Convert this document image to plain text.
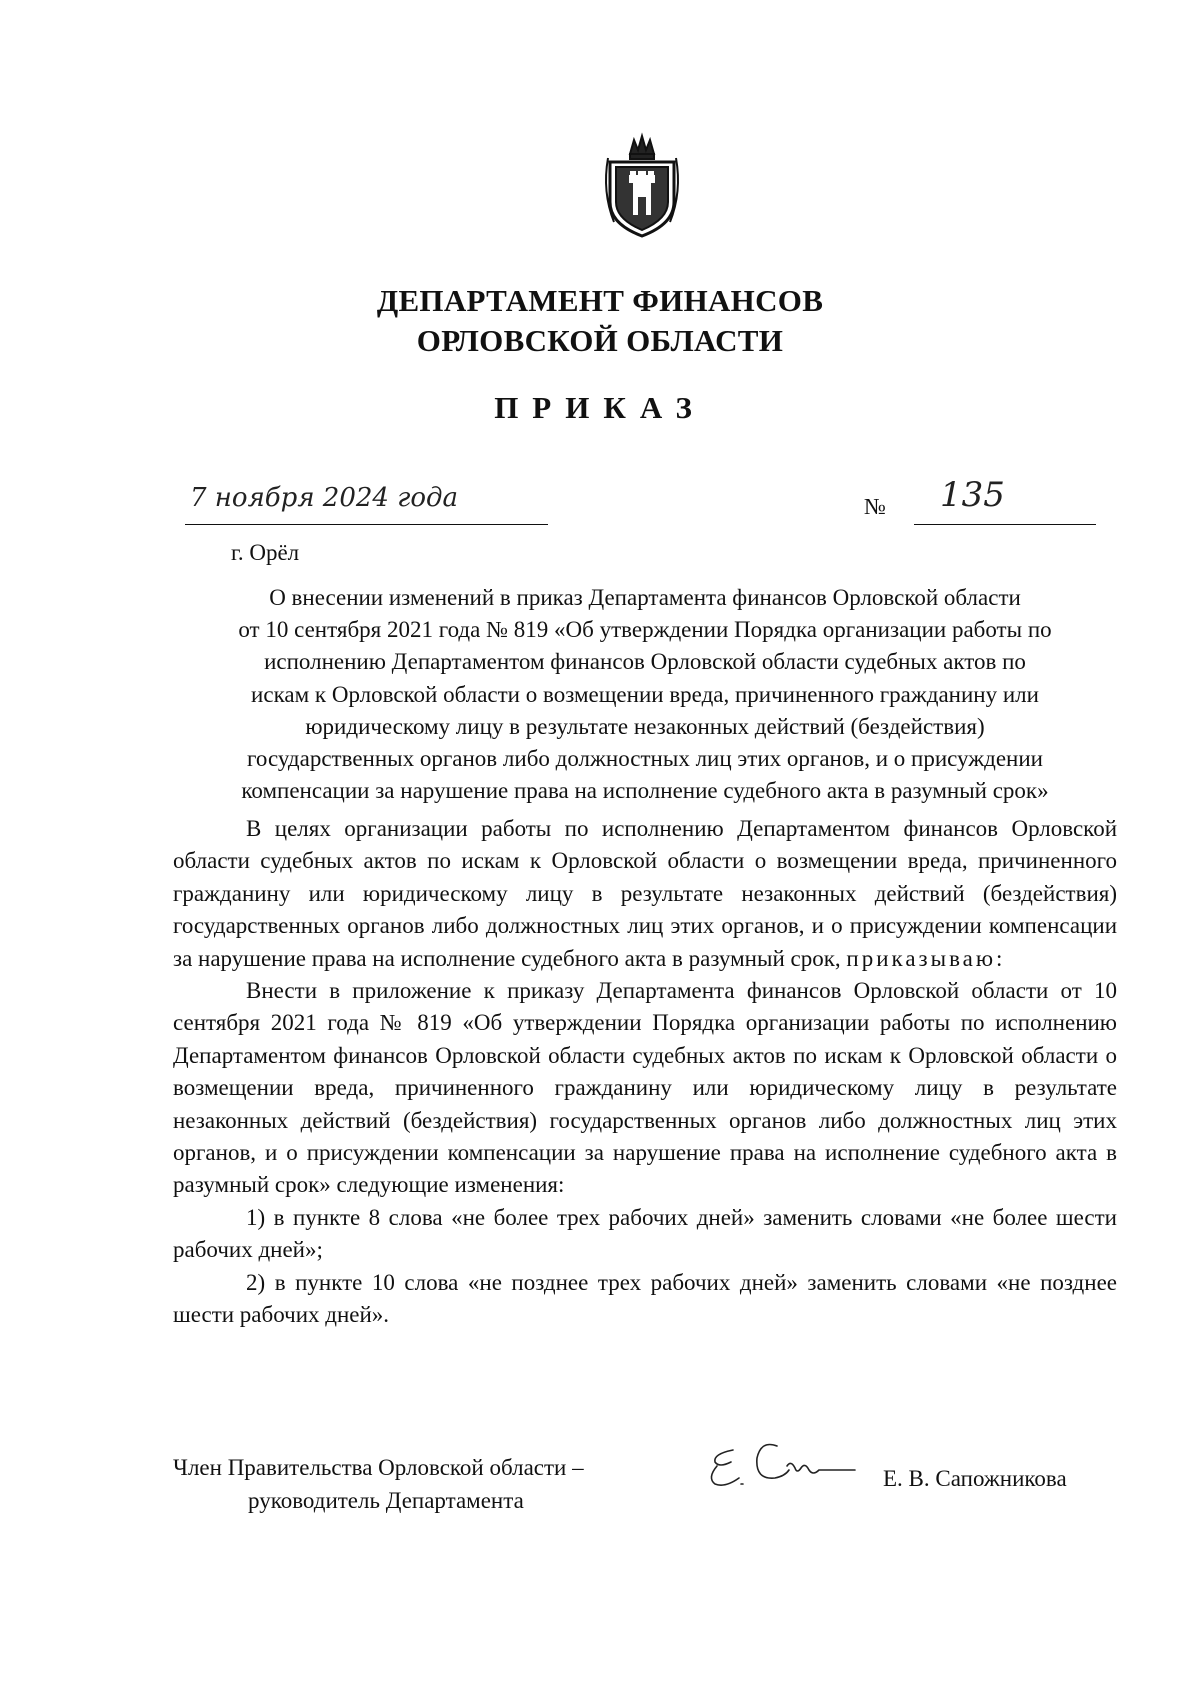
ДЕПАРТАМЕНТ ФИНАНСОВ
ОРЛОВСКОЙ ОБЛАСТИ
ПРИКАЗ
7 ноября 2024 года
г. Орёл
№ 135
О внесении изменений в приказ Департамента финансов Орловской области
от 10 сентября 2021 года № 819 «Об утверждении Порядка организации работы по
исполнению Департаментом финансов Орловской области судебных актов по
искам к Орловской области о возмещении вреда, причиненного гражданину или
юридическому лицу в результате незаконных действий (бездействия)
государственных органов либо должностных лиц этих органов, и о присуждении
компенсации за нарушение права на исполнение судебного акта в разумный срок»

В целях организации работы по исполнению Департаментом финансов Орловской области судебных актов по искам к Орловской области о возмещении вреда, причиненного гражданину или юридическому лицу в результате незаконных действий (бездействия) государственных органов либо должностных лиц этих органов, и о присуждении компенсации за нарушение права на исполнение судебного акта в разумный срок, приказываю:

Внести в приложение к приказу Департамента финансов Орловской области от 10 сентября 2021 года № 819 «Об утверждении Порядка организации работы по исполнению Департаментом финансов Орловской области судебных актов по искам к Орловской области о возмещении вреда, причиненного гражданину или юридическому лицу в результате незаконных действий (бездействия) государственных органов либо должностных лиц этих органов, и о присуждении компенсации за нарушение права на исполнение судебного акта в разумный срок» следующие изменения:

1) в пункте 8 слова «не более трех рабочих дней» заменить словами «не более шести рабочих дней»;

2) в пункте 10 слова «не позднее трех рабочих дней» заменить словами «не позднее шести рабочих дней».

Член Правительства Орловской области –
руководитель Департамента
Е. В. Сапожникова
